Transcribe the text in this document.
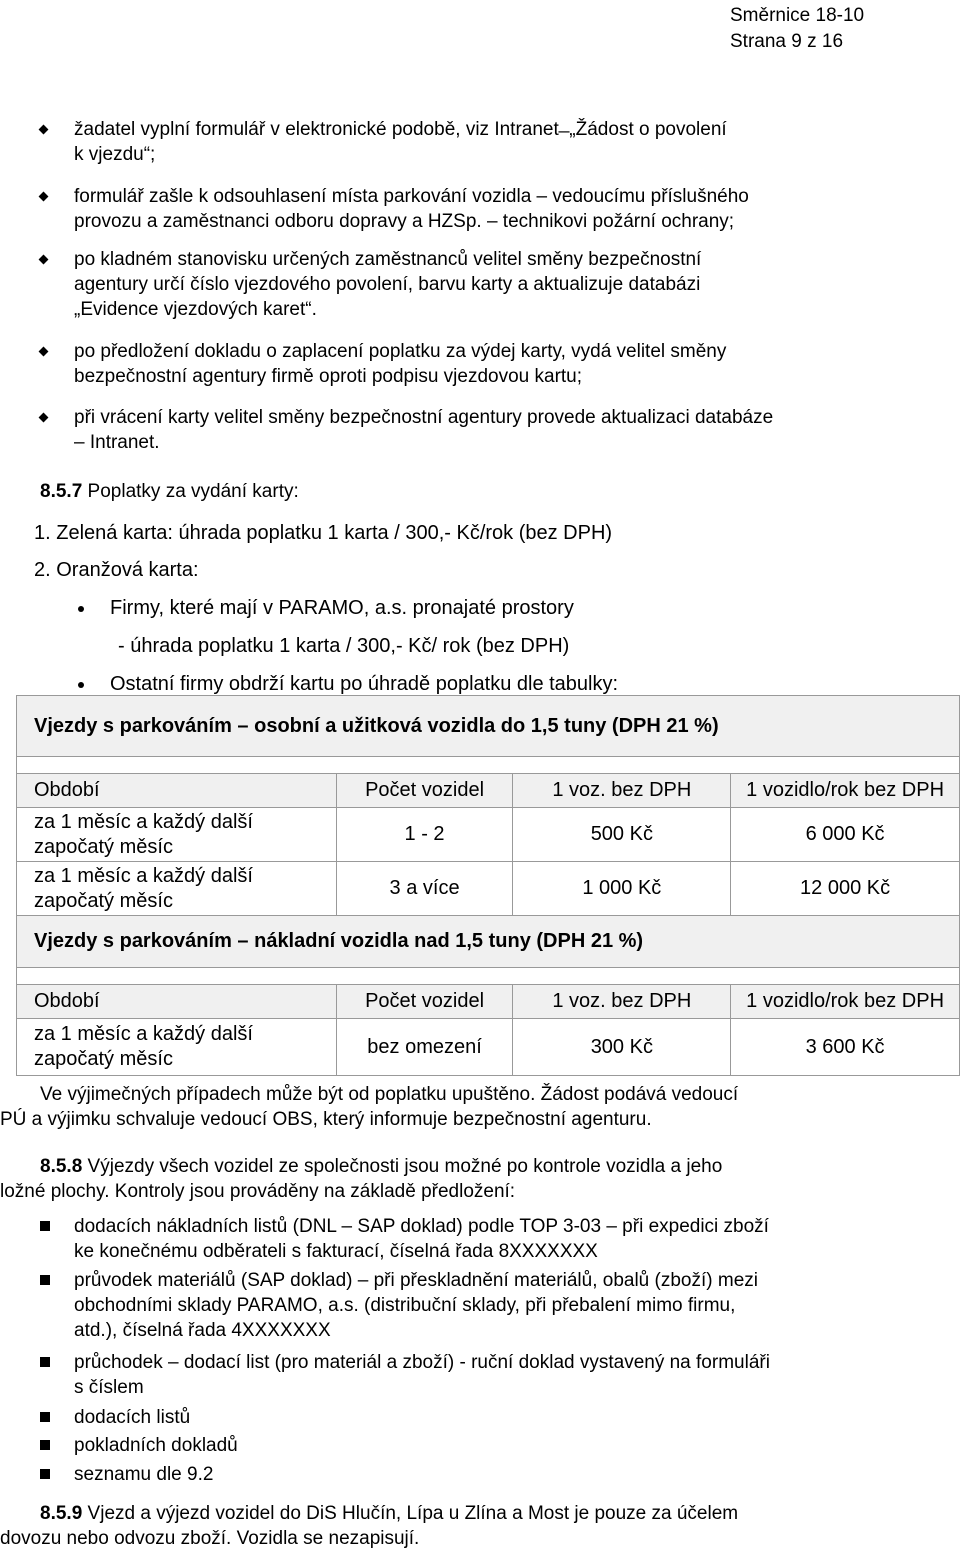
Směrnice 18-10
Strana 9 z 16
žadatel vyplní formulář v elektronické podobě, viz Intranet ̶ „Žádost o povolení
k vjezdu“;
formulář zašle k odsouhlasení místa parkování vozidla – vedoucímu příslušného
provozu a zaměstnanci odboru dopravy a HZSp. – technikovi požární ochrany;
po kladném stanovisku určených zaměstnanců velitel směny bezpečnostní
agentury určí číslo vjezdového povolení, barvu karty a aktualizuje databázi
„Evidence vjezdových karet“.
po předložení dokladu o zaplacení poplatku za výdej karty, vydá velitel směny
bezpečnostní agentury firmě oproti podpisu vjezdovou kartu;
při vrácení karty velitel směny bezpečnostní agentury provede aktualizaci databáze
– Intranet.
8.5.7 Poplatky za vydání karty:
1. Zelená karta: úhrada poplatku 1 karta / 300,- Kč/rok (bez DPH)
2. Oranžová karta:
Firmy, které mají v PARAMO, a.s. pronajaté prostory
- úhrada poplatku 1 karta / 300,- Kč/ rok (bez DPH)
Ostatní firmy obdrží kartu po úhradě poplatku dle tabulky:
Vjezdy s parkováním – osobní a užitková vozidla do 1,5 tuny (DPH 21 %)			

Období	Počet vozidel	1 voz. bez DPH	1 vozidlo/rok bez DPH

za 1 měsíc a každý další
započatý měsíc	1 - 2	500 Kč	6 000 Kč

za 1 měsíc a každý další
započatý měsíc	3 a více	1 000 Kč	12 000 Kč
Vjezdy s parkováním – nákladní vozidla nad 1,5 tuny (DPH 21 %)			

Období	Počet vozidel	1 voz. bez DPH	1 vozidlo/rok bez DPH

za 1 měsíc a každý další
započatý měsíc	bez omezení	300 Kč	3 600 Kč
Ve výjimečných případech může být od poplatku upuštěno. Žádost podává vedoucí
PÚ a výjimku schvaluje vedoucí OBS, který informuje bezpečnostní agenturu.
8.5.8 Výjezdy všech vozidel ze společnosti jsou možné po kontrole vozidla a jeho
ložné plochy. Kontroly jsou prováděny na základě předložení:
dodacích nákladních listů (DNL – SAP doklad) podle TOP 3-03 – při expedici zboží
ke konečnému odběrateli s fakturací, číselná řada 8XXXXXXX
průvodek materiálů (SAP doklad) – při přeskladnění materiálů, obalů (zboží) mezi
obchodními sklady PARAMO, a.s. (distribuční sklady, při přebalení mimo firmu,
atd.), číselná řada 4XXXXXXX
průchodek – dodací list (pro materiál a zboží) - ruční doklad vystavený na formuláři
s číslem
dodacích listů
pokladních dokladů
seznamu dle 9.2
8.5.9 Vjezd a výjezd vozidel do DiS Hlučín, Lípa u Zlína a Most je pouze za účelem
dovozu nebo odvozu zboží. Vozidla se nezapisují.
